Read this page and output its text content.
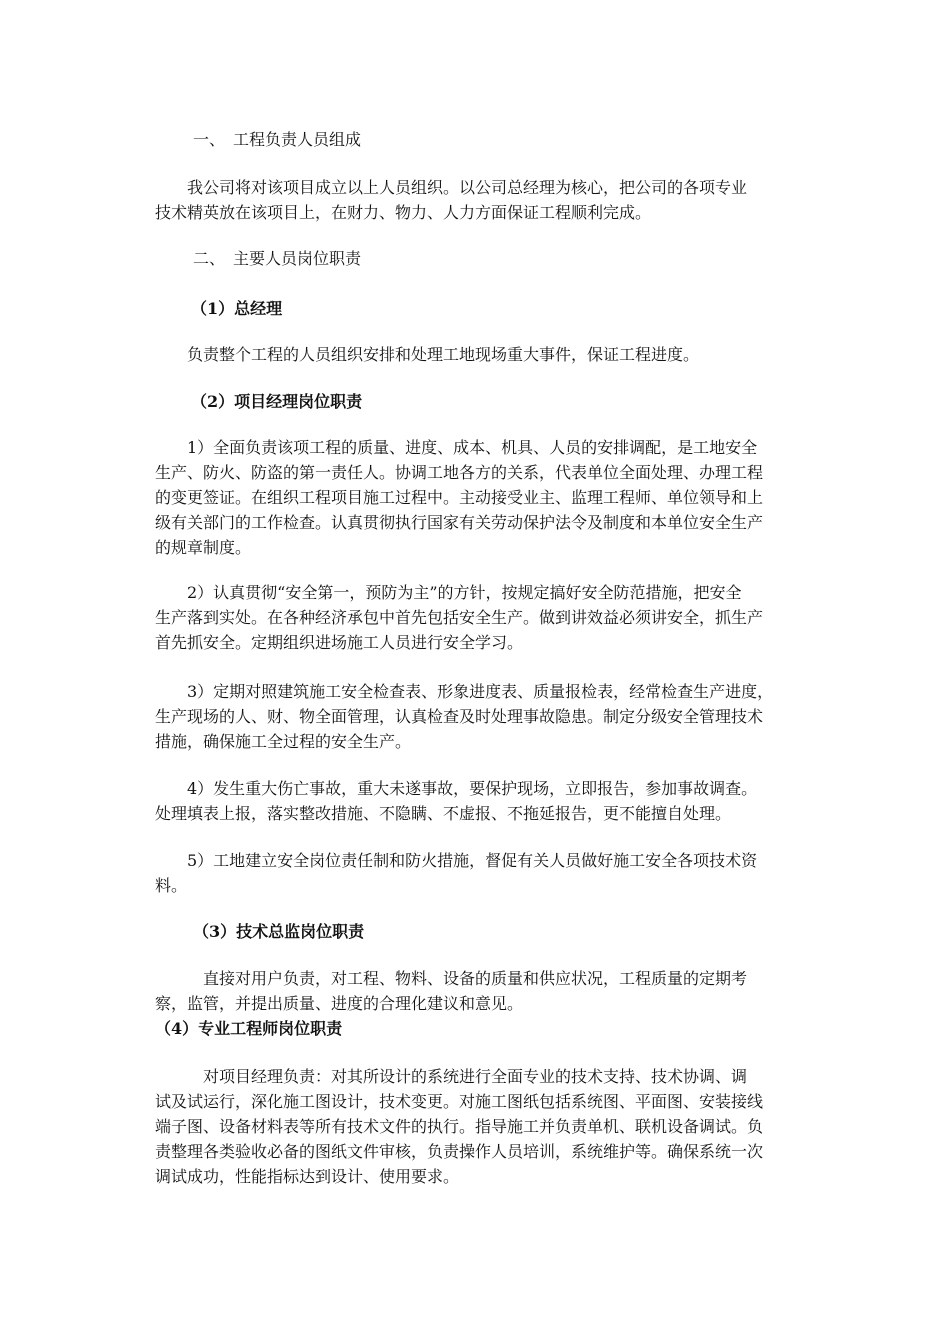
一、　工程负责人员组成
　　我公司将对该项目成立以上人员组织。以公司总经理为核心，把公司的各项专业
技术精英放在该项目上，在财力、物力、人力方面保证工程顺利完成。
二、　主要人员岗位职责
（1）总经理
　　负责整个工程的人员组织安排和处理工地现场重大事件，保证工程进度。
（2）项目经理岗位职责
　　1）全面负责该项工程的质量、进度、成本、机具、人员的安排调配，是工地安全
生产、防火、防盗的第一责任人。协调工地各方的关系，代表单位全面处理、办理工程
的变更签证。在组织工程项目施工过程中。主动接受业主、监理工程师、单位领导和上
级有关部门的工作检查。认真贯彻执行国家有关劳动保护法令及制度和本单位安全生产
的规章制度。
　　2）认真贯彻“安全第一，预防为主”的方针，按规定搞好安全防范措施，把安全
生产落到实处。在各种经济承包中首先包括安全生产。做到讲效益必须讲安全，抓生产
首先抓安全。定期组织进场施工人员进行安全学习。
　　3）定期对照建筑施工安全检查表、形象进度表、质量报检表，经常检查生产进度，
生产现场的人、财、物全面管理，认真检查及时处理事故隐患。制定分级安全管理技术
措施，确保施工全过程的安全生产。
　　4）发生重大伤亡事故，重大未遂事故，要保护现场，立即报告，参加事故调查。
处理填表上报，落实整改措施、不隐瞒、不虚报、不拖延报告，更不能擅自处理。
　　5）工地建立安全岗位责任制和防火措施，督促有关人员做好施工安全各项技术资
料。
（3）技术总监岗位职责
　　　直接对用户负责，对工程、物料、设备的质量和供应状况，工程质量的定期考
察，监管，并提出质量、进度的合理化建议和意见。
（4）专业工程师岗位职责
　　　对项目经理负责：对其所设计的系统进行全面专业的技术支持、技术协调、调
试及试运行，深化施工图设计，技术变更。对施工图纸包括系统图、平面图、安装接线
端子图、设备材料表等所有技术文件的执行。指导施工并负责单机、联机设备调试。负
责整理各类验收必备的图纸文件审核，负责操作人员培训，系统维护等。确保系统一次
调试成功，性能指标达到设计、使用要求。
